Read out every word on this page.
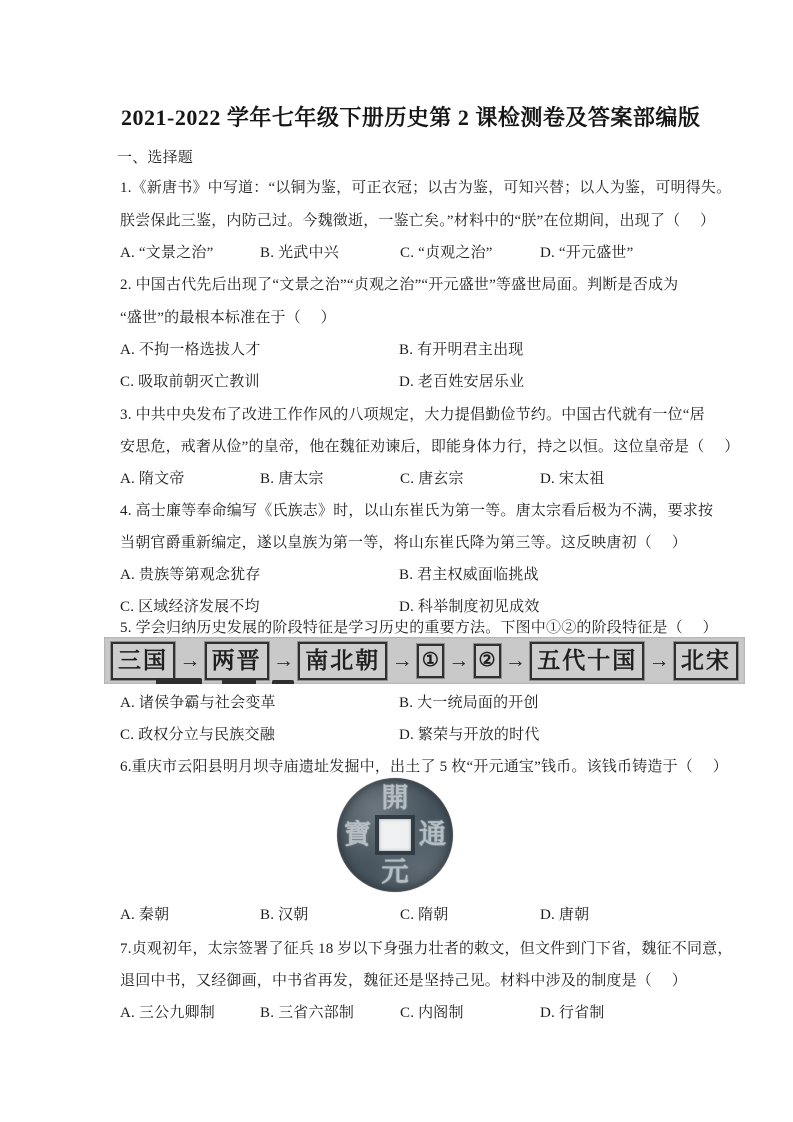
2021-2022 学年七年级下册历史第 2 课检测卷及答案部编版
一、选择题
1.《新唐书》中写道：“以铜为鉴，可正衣冠；以古为鉴，可知兴替；以人为鉴，可明得失。
朕尝保此三鉴，内防己过。今魏徵逝，一鉴亡矣。”材料中的“朕”在位期间，出现了（     ）
A. “文景之治”	B. 光武中兴	C. “贞观之治”	D. “开元盛世”
2. 中国古代先后出现了“文景之治”“贞观之治”“开元盛世”等盛世局面。判断是否成为
“盛世”的最根本标准在于（     ）
A. 不拘一格选拔人才	B. 有开明君主出现
C. 吸取前朝灭亡教训	D. 老百姓安居乐业
3. 中共中央发布了改进工作作风的八项规定，大力提倡勤俭节约。中国古代就有一位“居
安思危，戒奢从俭”的皇帝，他在魏征劝谏后，即能身体力行，持之以恒。这位皇帝是（     ）
A. 隋文帝	B. 唐太宗	C. 唐玄宗	D. 宋太祖
4. 高士廉等奉命编写《氏族志》时，以山东崔氏为第一等。唐太宗看后极为不满，要求按
当朝官爵重新编定，遂以皇族为第一等，将山东崔氏降为第三等。这反映唐初（     ）
A. 贵族等第观念犹存	B. 君主权威面临挑战
C. 区域经济发展不均	D. 科举制度初见成效
5. 学会归纳历史发展的阶段特征是学习历史的重要方法。下图中①②的阶段特征是（     ）
三国 → 两晋 → 南北朝 → ① → ② → 五代十国 → 北宋
A. 诸侯争霸与社会变革	B. 大一统局面的开创
C. 政权分立与民族交融	D. 繁荣与开放的时代
6.重庆市云阳县明月坝寺庙遗址发掘中，出土了 5 枚“开元通宝”钱币。该钱币铸造于（     ）
開
元
寶 通
A. 秦朝	B. 汉朝	C. 隋朝	D. 唐朝
7.贞观初年，太宗签署了征兵 18 岁以下身强力壮者的敕文，但文件到门下省，魏征不同意，
退回中书，又经御画，中书省再发，魏征还是坚持己见。材料中涉及的制度是（     ）
A. 三公九卿制	B. 三省六部制	C. 内阁制	D. 行省制
